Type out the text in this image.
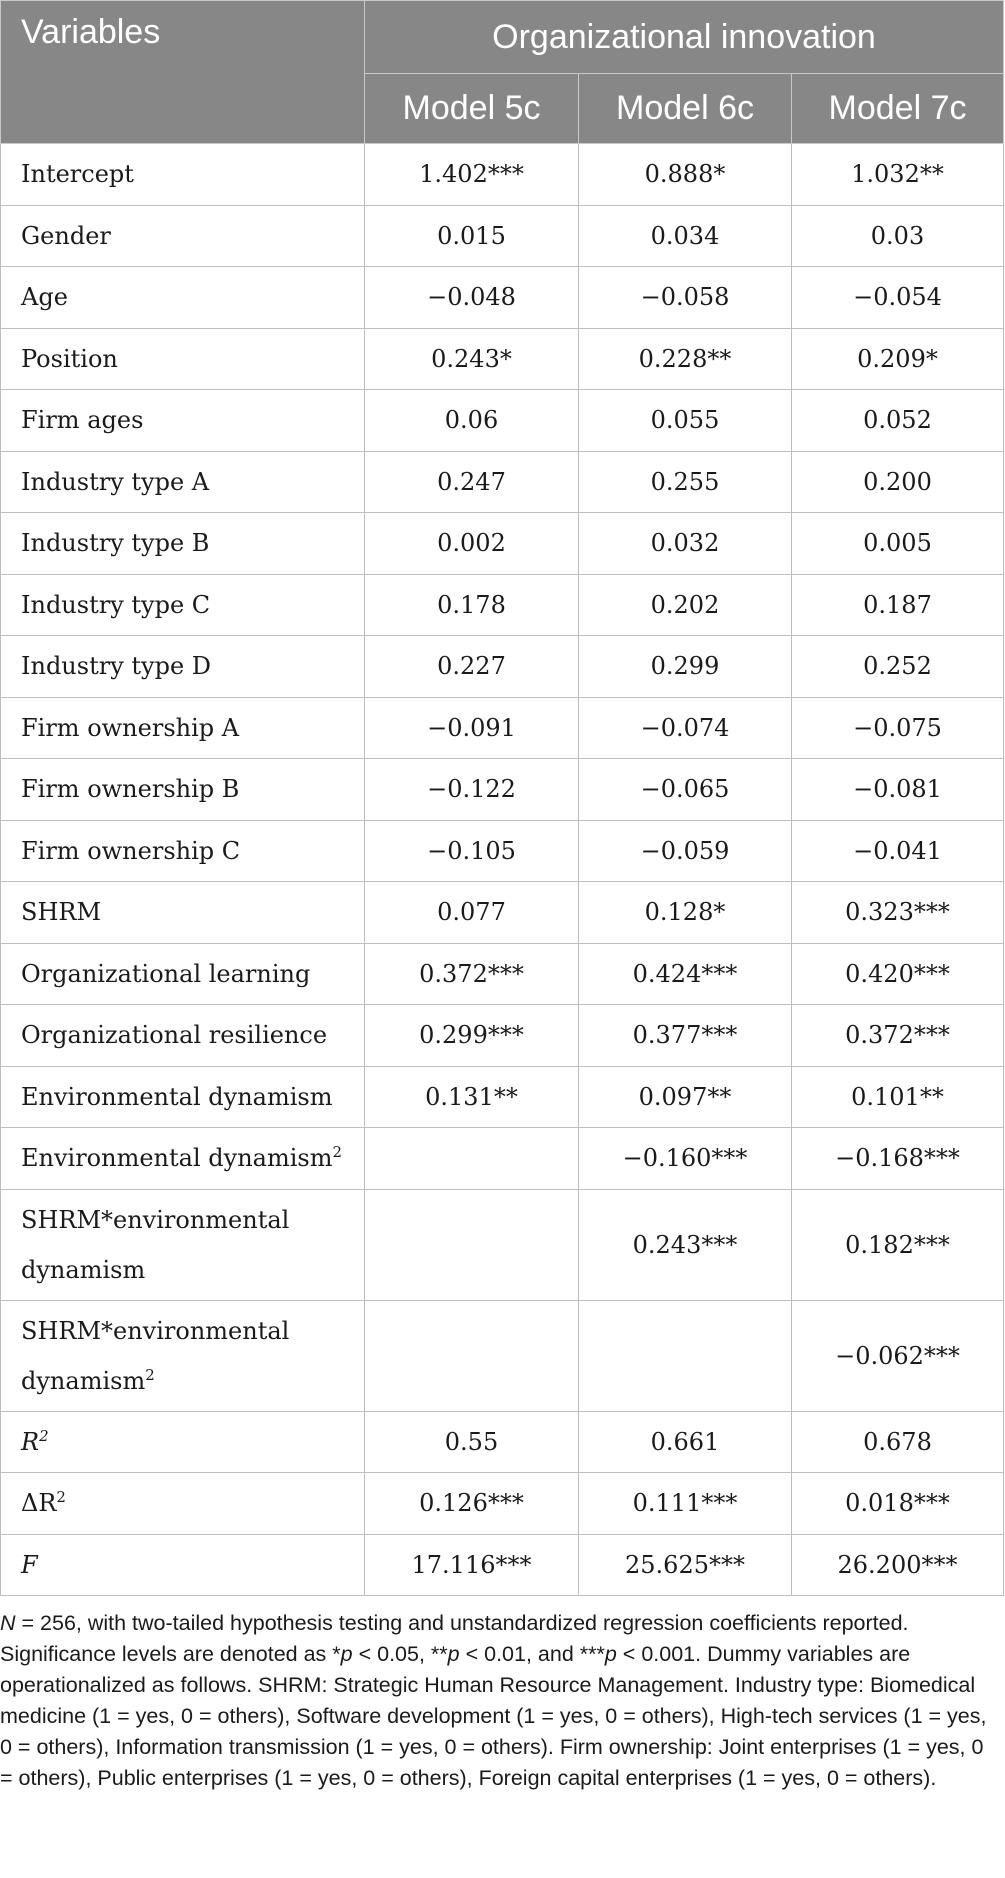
Variables	Organizational innovation		
	Model 5c	Model 6c	Model 7c
Intercept	1.402***	0.888*	1.032**
Gender	0.015	0.034	0.03
Age	−0.048	−0.058	−0.054
Position	0.243*	0.228**	0.209*
Firm ages	0.06	0.055	0.052
Industry type A	0.247	0.255	0.200
Industry type B	0.002	0.032	0.005
Industry type C	0.178	0.202	0.187
Industry type D	0.227	0.299	0.252
Firm ownership A	−0.091	−0.074	−0.075
Firm ownership B	−0.122	−0.065	−0.081
Firm ownership C	−0.105	−0.059	−0.041
SHRM	0.077	0.128*	0.323***
Organizational learning	0.372***	0.424***	0.420***
Organizational resilience	0.299***	0.377***	0.372***
Environmental dynamism	0.131**	0.097**	0.101**
Environmental dynamism$^2$		−0.160***	−0.168***
SHRM*environmental dynamism		0.243***	0.182***
SHRM*environmental dynamism$^2$			−0.062***
$R^2$	0.55	0.661	0.678
$\Delta R^2$	0.126***	0.111***	0.018***
F	17.116***	25.625***	26.200***

N = 256, with two-tailed hypothesis testing and unstandardized regression coefficients reported. Significance levels are denoted as *p < 0.05, **p < 0.01, and ***p < 0.001. Dummy variables are operationalized as follows. SHRM: Strategic Human Resource Management. Industry type: Biomedical medicine (1 = yes, 0 = others), Software development (1 = yes, 0 = others), High-tech services (1 = yes, 0 = others), Information transmission (1 = yes, 0 = others). Firm ownership: Joint enterprises (1 = yes, 0 = others), Public enterprises (1 = yes, 0 = others), Foreign capital enterprises (1 = yes, 0 = others).
